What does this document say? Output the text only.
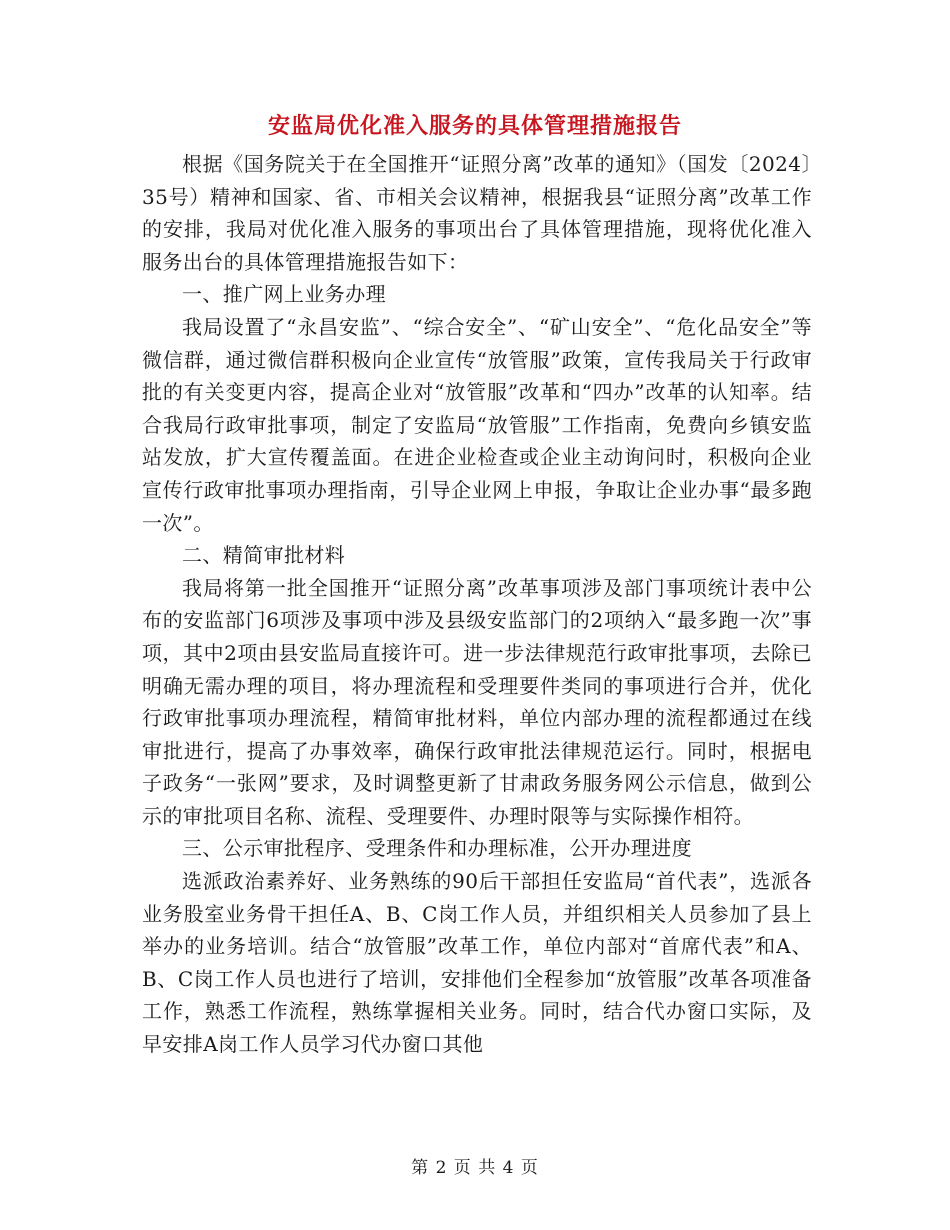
安监局优化准入服务的具体管理措施报告

根据《国务院关于在全国推开“证照分离”改革的通知》（国发〔2024〕35号）精神和国家、省、市相关会议精神，根据我县“证照分离”改革工作的安排，我局对优化准入服务的事项出台了具体管理措施，现将优化准入服务出台的具体管理措施报告如下：

一、推广网上业务办理

我局设置了“永昌安监”、“综合安全”、“矿山安全”、“危化品安全”等微信群，通过微信群积极向企业宣传“放管服”政策，宣传我局关于行政审批的有关变更内容，提高企业对“放管服”改革和“四办”改革的认知率。结合我局行政审批事项，制定了安监局“放管服”工作指南，免费向乡镇安监站发放，扩大宣传覆盖面。在进企业检查或企业主动询问时，积极向企业宣传行政审批事项办理指南，引导企业网上申报，争取让企业办事“最多跑一次”。

二、精简审批材料

我局将第一批全国推开“证照分离”改革事项涉及部门事项统计表中公布的安监部门6项涉及事项中涉及县级安监部门的2项纳入“最多跑一次”事项，其中2项由县安监局直接许可。进一步法律规范行政审批事项，去除已明确无需办理的项目，将办理流程和受理要件类同的事项进行合并，优化行政审批事项办理流程，精简审批材料，单位内部办理的流程都通过在线审批进行，提高了办事效率，确保行政审批法律规范运行。同时，根据电子政务“一张网”要求，及时调整更新了甘肃政务服务网公示信息，做到公示的审批项目名称、流程、受理要件、办理时限等与实际操作相符。

三、公示审批程序、受理条件和办理标准，公开办理进度

选派政治素养好、业务熟练的90后干部担任安监局“首代表”，选派各业务股室业务骨干担任A、B、C岗工作人员，并组织相关人员参加了县上举办的业务培训。结合“放管服”改革工作，单位内部对“首席代表”和A、B、C岗工作人员也进行了培训，安排他们全程参加“放管服”改革各项准备工作，熟悉工作流程，熟练掌握相关业务。同时，结合代办窗口实际，及早安排A岗工作人员学习代办窗口其他

第 2 页 共 4 页
